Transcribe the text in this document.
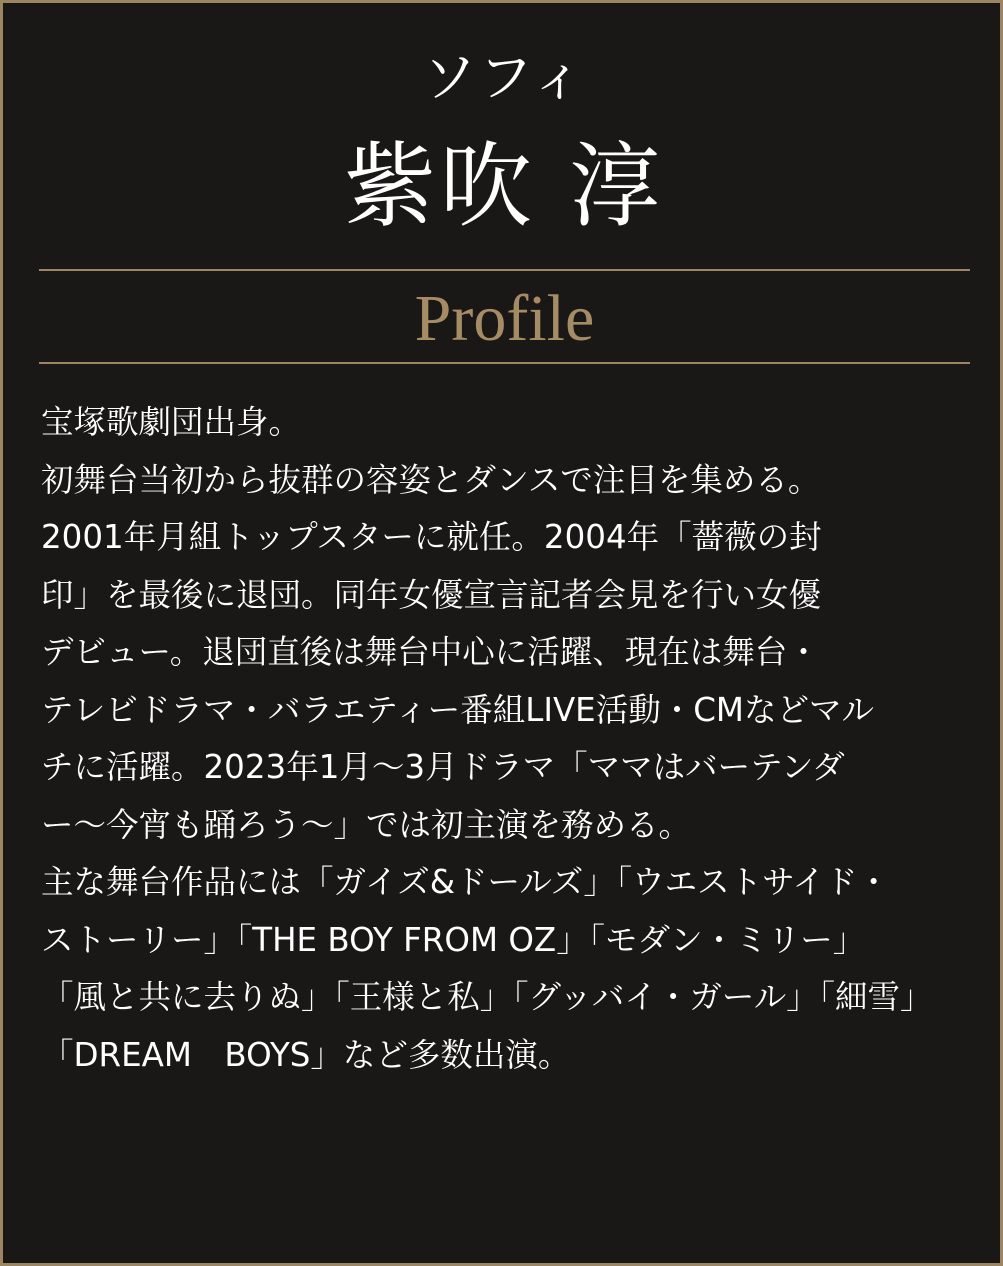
ソフィ
紫吹 淳
Profile
宝塚歌劇団出身。
初舞台当初から抜群の容姿とダンスで注目を集める。
2001年月組トップスターに就任。2004年「薔薇の封
印」を最後に退団。同年女優宣言記者会見を行い女優
デビュー。退団直後は舞台中心に活躍、現在は舞台・
テレビドラマ・バラエティー番組LIVE活動・CMなどマル
チに活躍。2023年1月～3月ドラマ「ママはバーテンダ
ー～今宵も踊ろう～」では初主演を務める。
主な舞台作品には「ガイズ&ドールズ」「ウエストサイド・
ストーリー」「THE BOY FROM OZ」「モダン・ミリー」
「風と共に去りぬ」「王様と私」「グッバイ・ガール」「細雪」
「DREAM　BOYS」など多数出演。
